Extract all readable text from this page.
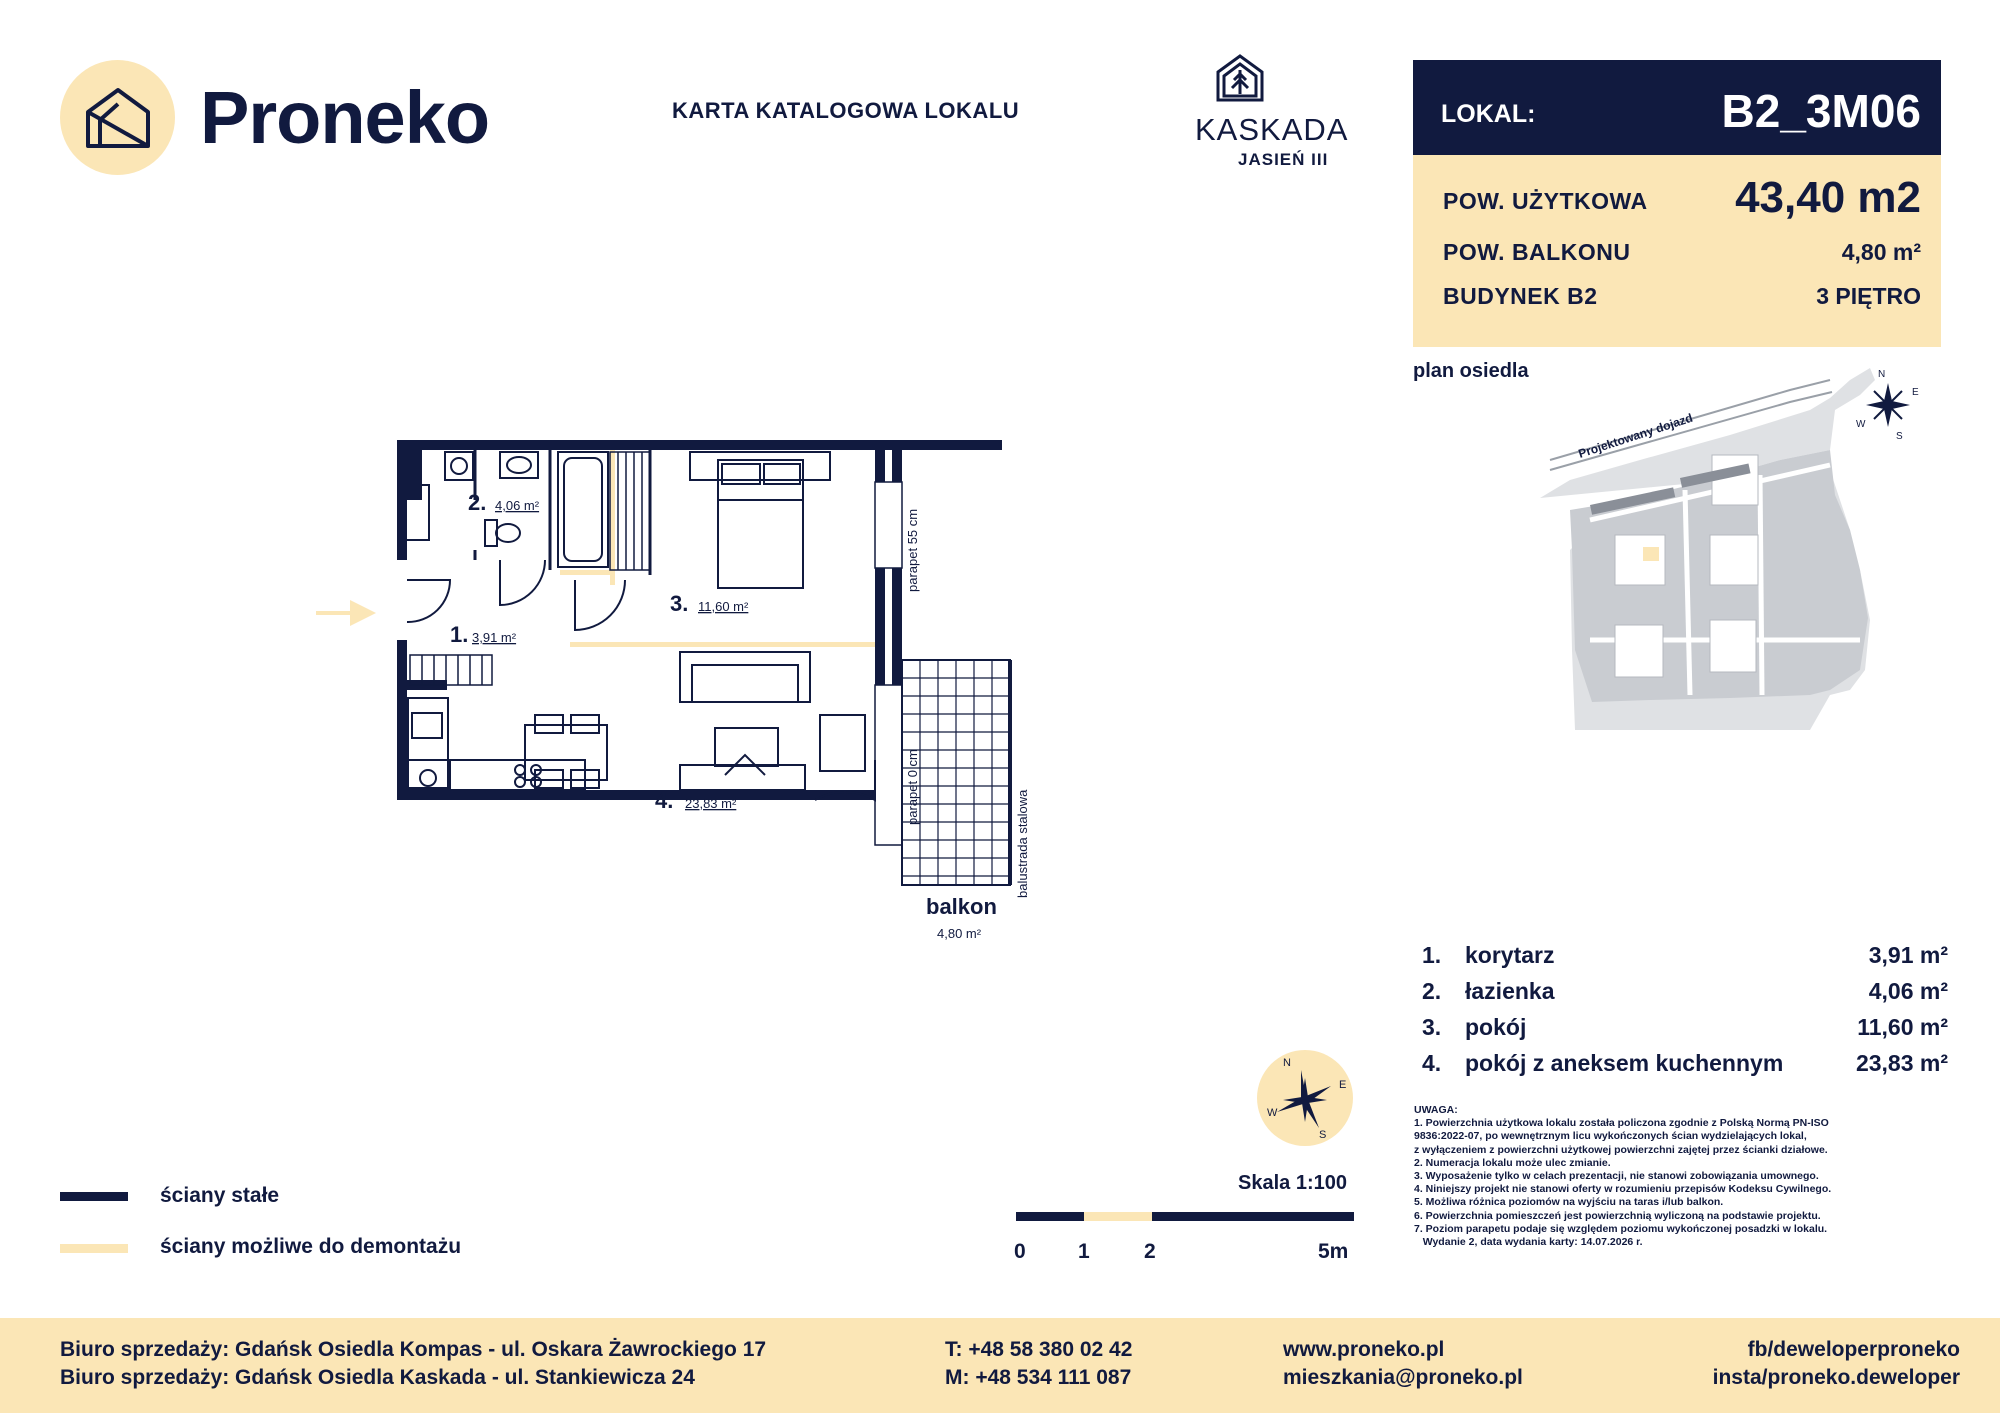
Proneko	KARTA KATALOGOWA LOKALU
KASKADA
JASIEŃ III
LOKAL:	B2_3M06
POW. UŻYTKOWA 43,40 m2
POW. BALKONU	4,80 m²
BUDYNEK B2	3 PIĘTRO
plan osiedla
Projektowany dojazd
N
E
S
W
2. 4,06 m²
3. 11,60 m²
1. 3,91 m²
4. 23,83 m²
parapet 55 cm
parapet 0 cm
balustrada stalowa
balkon
4,80 m²
N
E
S
W
1. korytarz	3,91 m²
2. łazienka	4,06 m²
3. pokój	11,60 m²
4. pokój z aneksem kuchennym	23,83 m²
UWAGA:
1. Powierzchnia użytkowa lokalu została policzona zgodnie z Polską Normą PN-ISO
9836:2022-07, po wewnętrznym licu wykończonych ścian wydzielających lokal,
z wyłączeniem z powierzchni użytkowej powierzchni zajętej przez ścianki działowe.
2. Numeracja lokalu może ulec zmianie.
3. Wyposażenie tylko w celach prezentacji, nie stanowi zobowiązania umownego.
4. Niniejszy projekt nie stanowi oferty w rozumieniu przepisów Kodeksu Cywilnego.
5. Możliwa różnica poziomów na wyjściu na taras i/lub balkon.
6. Powierzchnia pomieszczeń jest powierzchnią wyliczoną na podstawie projektu.
7. Poziom parapetu podaje się względem poziomu wykończonej posadzki w lokalu.
Wydanie 2, data wydania karty: 14.07.2026 r.
ściany stałe
ściany możliwe do demontażu
Skala 1:100
0 1	2	5m
Biuro sprzedaży: Gdańsk Osiedla Kompas - ul. Oskara Żawrockiego 17
Biuro sprzedaży: Gdańsk Osiedla Kaskada - ul. Stankiewicza 24
T: +48 58 380 02 42
M: +48 534 111 087
www.proneko.pl
mieszkania@proneko.pl
fb/deweloperproneko
insta/proneko.deweloper
